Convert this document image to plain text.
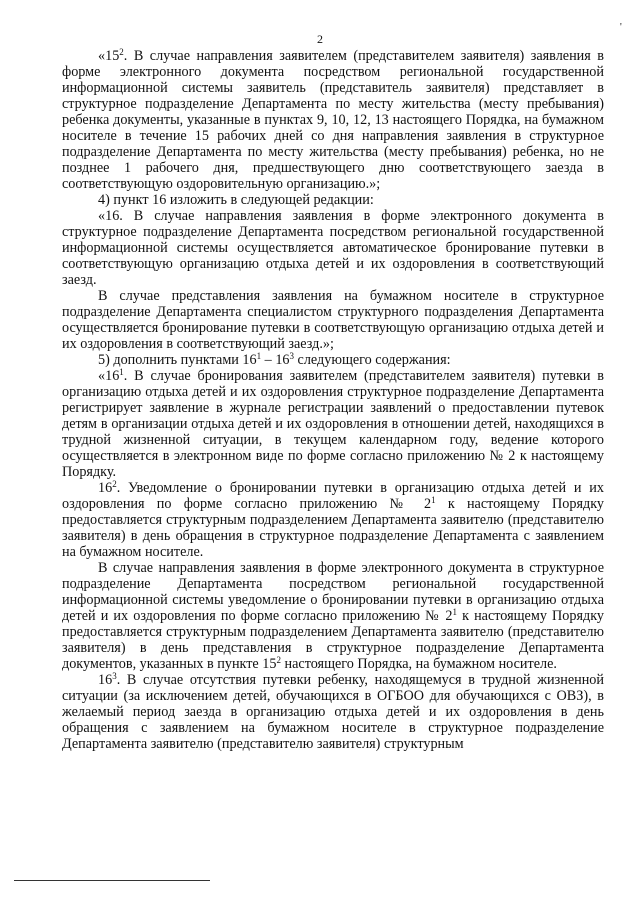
'
2

«$15^2$. В случае направления заявителем (представителем заявителя) заявления в форме электронного документа посредством региональной государственной информационной системы заявитель (представитель заявителя) представляет в структурное подразделение Департамента по месту жительства (месту пребывания) ребенка документы, указанные в пунктах 9, 10, 12, 13 настоящего Порядка, на бумажном носителе в течение 15 рабочих дней со дня направления заявления в структурное подразделение Департамента по месту жительства (месту пребывания) ребенка, но не позднее 1 рабочего дня, предшествующего дню соответствующего заезда в соответствующую оздоровительную организацию.»;

4) пункт 16 изложить в следующей редакции:

«16. В случае направления заявления в форме электронного документа в структурное подразделение Департамента посредством региональной государственной информационной системы осуществляется автоматическое бронирование путевки в соответствующую организацию отдыха детей и их оздоровления в соответствующий заезд.

В случае представления заявления на бумажном носителе в структурное подразделение Департамента специалистом структурного подразделения Департамента осуществляется бронирование путевки в соответствующую организацию отдыха детей и их оздоровления в соответствующий заезд.»;

5) дополнить пунктами $16^1 - 16^3$ следующего содержания:

«$16^1$. В случае бронирования заявителем (представителем заявителя) путевки в организацию отдыха детей и их оздоровления структурное подразделение Департамента регистрирует заявление в журнале регистрации заявлений о предоставлении путевок детям в организации отдыха детей и их оздоровления в отношении детей, находящихся в трудной жизненной ситуации, в текущем календарном году, ведение которого осуществляется в электронном виде по форме согласно приложению № 2 к настоящему Порядку.

$16^2$. Уведомление о бронировании путевки в организацию отдыха детей и их оздоровления по форме согласно приложению № $2^1$ к настоящему Порядку предоставляется структурным подразделением Департамента заявителю (представителю заявителя) в день обращения в структурное подразделение Департамента с заявлением на бумажном носителе.

В случае направления заявления в форме электронного документа в структурное подразделение Департамента посредством региональной государственной информационной системы уведомление о бронировании путевки в организацию отдыха детей и их оздоровления по форме согласно приложению № $2^1$ к настоящему Порядку предоставляется структурным подразделением Департамента заявителю (представителю заявителя) в день представления в структурное подразделение Департамента документов, указанных в пункте $15^2$ настоящего Порядка, на бумажном носителе.

$16^3$. В случае отсутствия путевки ребенку, находящемуся в трудной жизненной ситуации (за исключением детей, обучающихся в ОГБОО для обучающихся с ОВЗ), в желаемый период заезда в организацию отдыха детей и их оздоровления в день обращения с заявлением на бумажном носителе в структурное подразделение Департамента заявителю (представителю заявителя) структурным
